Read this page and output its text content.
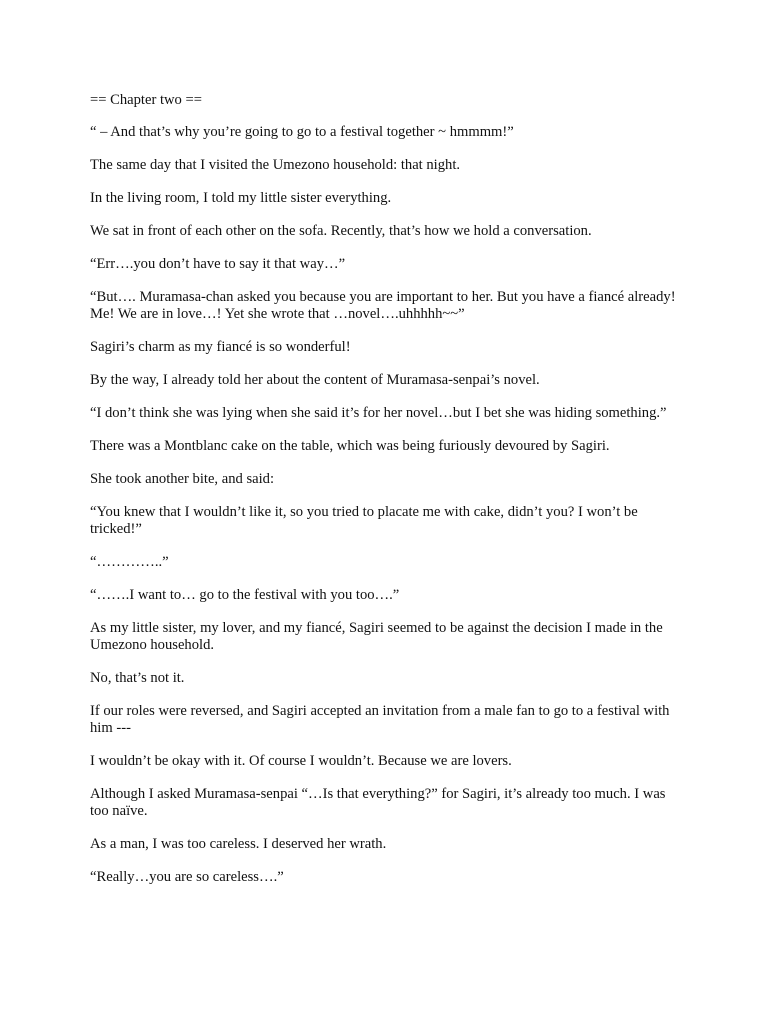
== Chapter two ==

“ – And that’s why you’re going to go to a festival together ~ hmmmm!”

The same day that I visited the Umezono household: that night.

In the living room, I told my little sister everything.

We sat in front of each other on the sofa. Recently, that’s how we hold a conversation.

“Err….you don’t have to say it that way…”

“But…. Muramasa-chan asked you because you are important to her. But you have a fiancé already! Me! We are in love…! Yet she wrote that …novel….uhhhhh~~”

Sagiri’s charm as my fiancé is so wonderful!

By the way, I already told her about the content of Muramasa-senpai’s novel.

“I don’t think she was lying when she said it’s for her novel…but I bet she was hiding something.”

There was a Montblanc cake on the table, which was being furiously devoured by Sagiri.

She took another bite, and said:

“You knew that I wouldn’t like it, so you tried to placate me with cake, didn’t you? I won’t be tricked!”

“…………..”

“…….I want to… go to the festival with you too….”

As my little sister, my lover, and my fiancé, Sagiri seemed to be against the decision I made in the Umezono household.

No, that’s not it.

If our roles were reversed, and Sagiri accepted an invitation from a male fan to go to a festival with him ---

I wouldn’t be okay with it. Of course I wouldn’t. Because we are lovers.

Although I asked Muramasa-senpai “…Is that everything?” for Sagiri, it’s already too much. I was too naïve.

As a man, I was too careless. I deserved her wrath.

“Really…you are so careless….”
